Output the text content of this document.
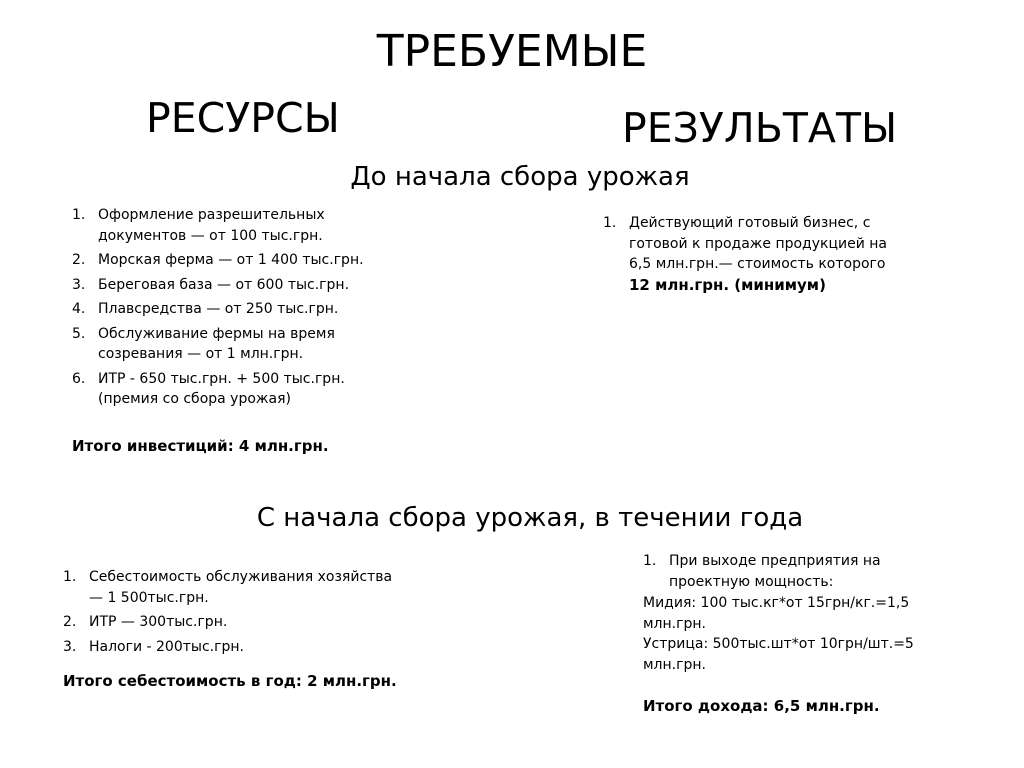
ТРЕБУЕМЫЕ
РЕСУРСЫ	РЕЗУЛЬТАТЫ
До начала сбора урожая
1. Оформление разрешительных документов — от 100 тыс.грн.
2. Морская ферма — от 1 400 тыс.грн.
3. Береговая база — от 600 тыс.грн.
4. Плавсредства — от 250 тыс.грн.
5. Обслуживание фермы на время созревания — от 1 млн.грн.
6. ИТР - 650 тыс.грн. + 500 тыс.грн.(премия со сбора урожая)
Итого инвестиций: 4 млн.грн.
1. Действующий готовый бизнес, с готовой к продаже продукцией на 6,5 млн.грн.— стоимость которого
12 млн.грн. (минимум)
С начала сбора урожая, в течении года
1. Себестоимость обслуживания хозяйства — 1 500тыс.грн.
2. ИТР — 300тыс.грн.
3. Налоги - 200тыс.грн.
Итого себестоимость в год: 2 млн.грн.
1. При выходе предприятия на проектную мощность:
Мидия: 100 тыс.кг*от 15грн/кг.=1,5 млн.грн.
Устрица: 500тыс.шт*от 10грн/шт.=5 млн.грн.
Итого дохода: 6,5 млн.грн.
